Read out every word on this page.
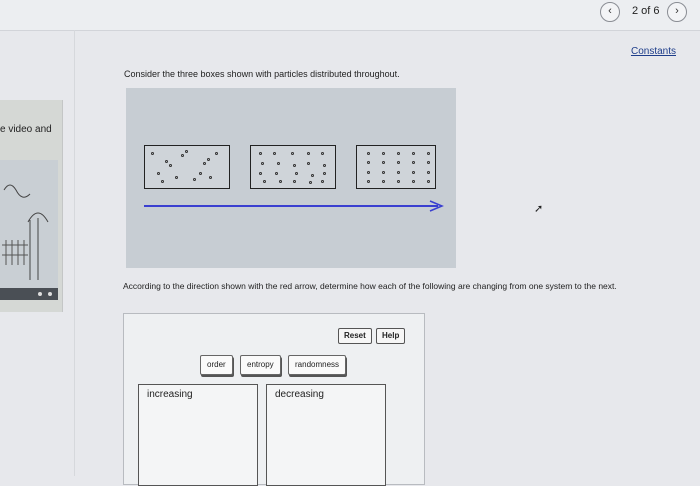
‹	2 of 6	›
e video and
Constants
Consider the three boxes shown with particles distributed throughout.
➚
According to the direction shown with the red arrow, determine how each of the following are changing from one system to the next.
Reset	Help
order	entropy	randomness
increasing	decreasing
